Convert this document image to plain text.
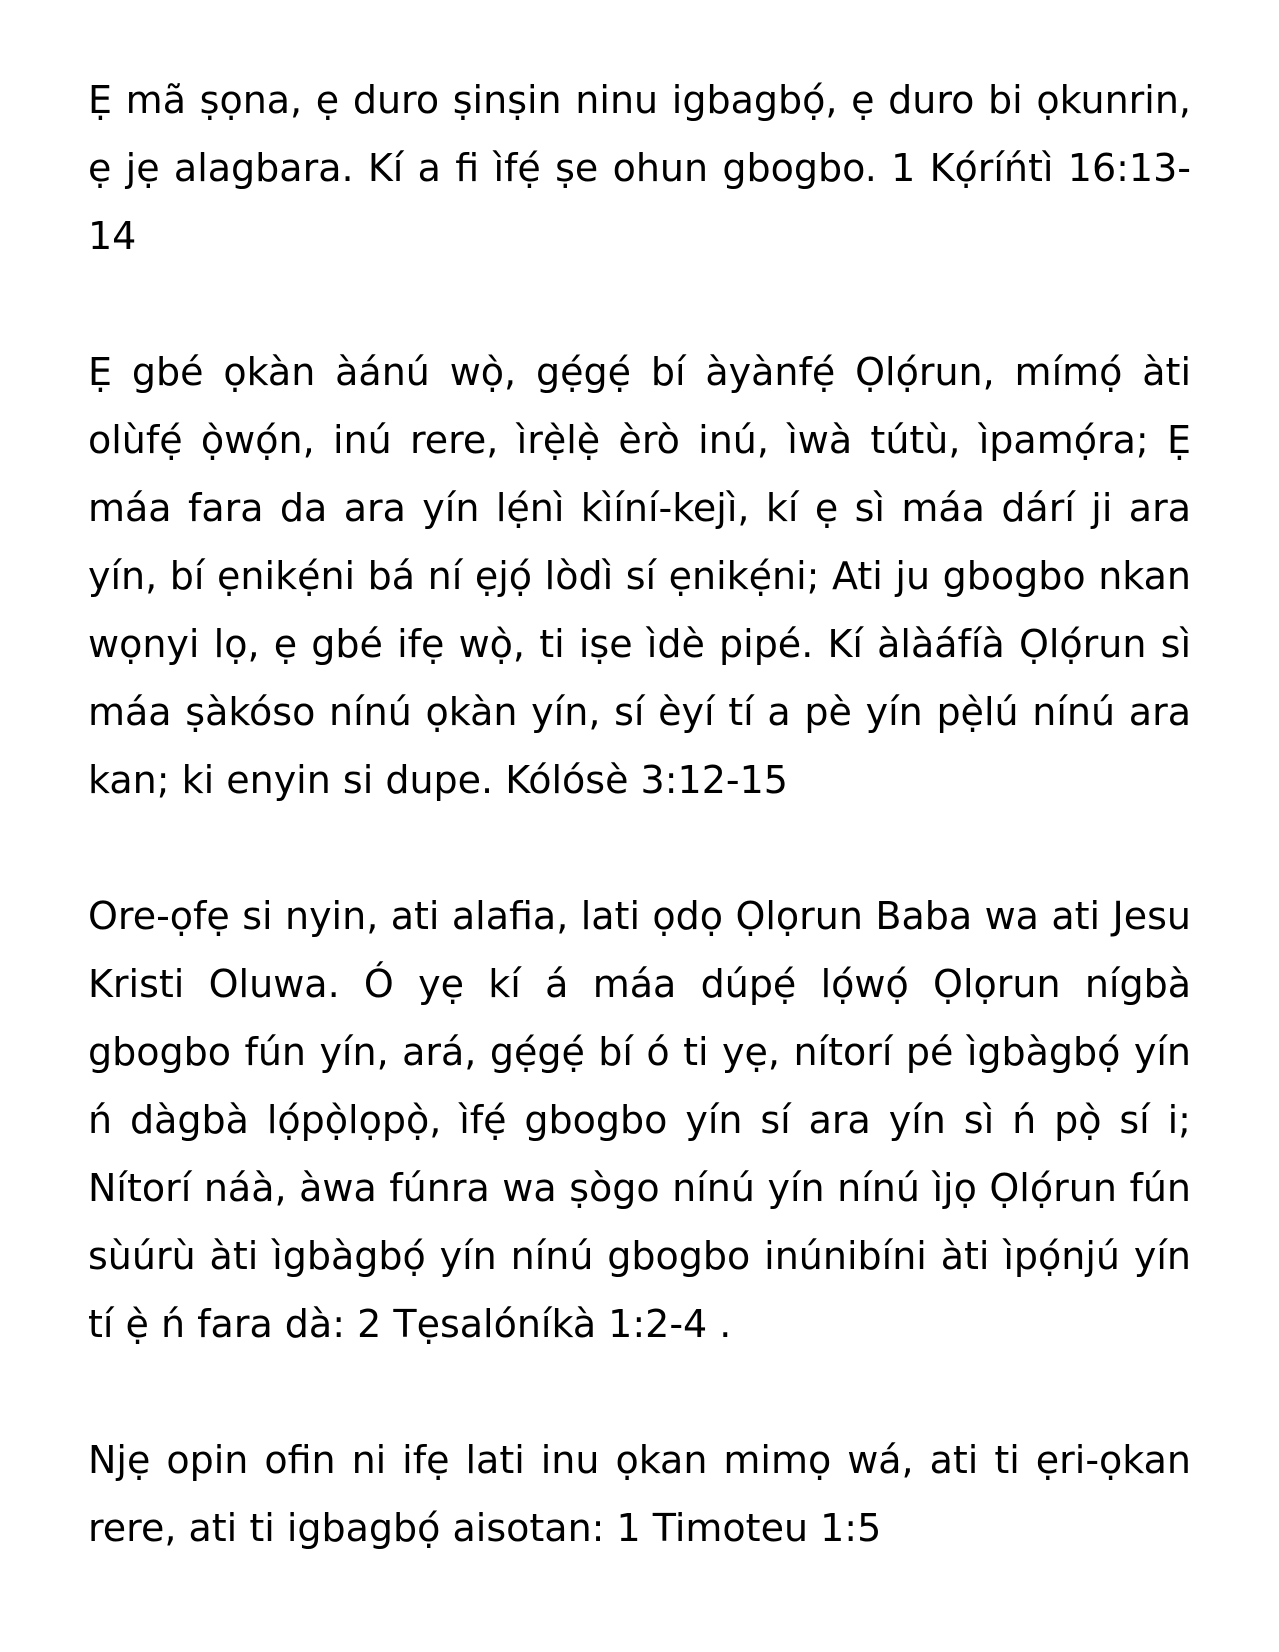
Ẹ mã ṣọna, ẹ duro ṣinṣin ninu igbagbọ́, ẹ duro bi ọkunrin, ẹ jẹ alagbara. Kí a fi ìfẹ́ ṣe ohun gbogbo. 1 Kọ́ríńtì 16:13-14

Ẹ gbé ọkàn àánú wọ̀, gẹ́gẹ́ bí àyànfẹ́ Ọlọ́run, mímọ́ àti olùfẹ́ ọ̀wọ́n, inú rere, ìrẹ̀lẹ̀ èrò inú, ìwà tútù, ìpamọ́ra; Ẹ máa fara da ara yín lẹ́nì kìíní-kejì, kí ẹ sì máa dárí ji ara yín, bí ẹnikẹ́ni bá ní ẹjọ́ lòdì sí ẹnikẹ́ni; Ati ju gbogbo nkan wọnyi lọ, ẹ gbé ifẹ wọ̀, ti iṣe ìdè pipé. Kí àlàáfíà Ọlọ́run sì máa ṣàkóso nínú ọkàn yín, sí èyí tí a pè yín pẹ̀lú nínú ara kan; ki enyin si dupe. Kólósè 3:12-15

Ore-ọfẹ si nyin, ati alafia, lati ọdọ Ọlọrun Baba wa ati Jesu Kristi Oluwa. Ó yẹ kí á máa dúpẹ́ lọ́wọ́ Ọlọrun nígbà gbogbo fún yín, ará, gẹ́gẹ́ bí ó ti yẹ, nítorí pé ìgbàgbọ́ yín ń dàgbà lọ́pọ̀lọpọ̀, ìfẹ́ gbogbo yín sí ara yín sì ń pọ̀ sí i; Nítorí náà, àwa fúnra wa ṣògo nínú yín nínú ìjọ Ọlọ́run fún sùúrù àti ìgbàgbọ́ yín nínú gbogbo inúnibíni àti ìpọ́njú yín tí ẹ̀ ń fara dà: 2 Tẹsalóníkà 1:2-4 .

Njẹ opin ofin ni ifẹ lati inu ọkan mimọ wá, ati ti ẹri-ọkan rere, ati ti igbagbọ́ aisotan: 1 Timoteu 1:5
